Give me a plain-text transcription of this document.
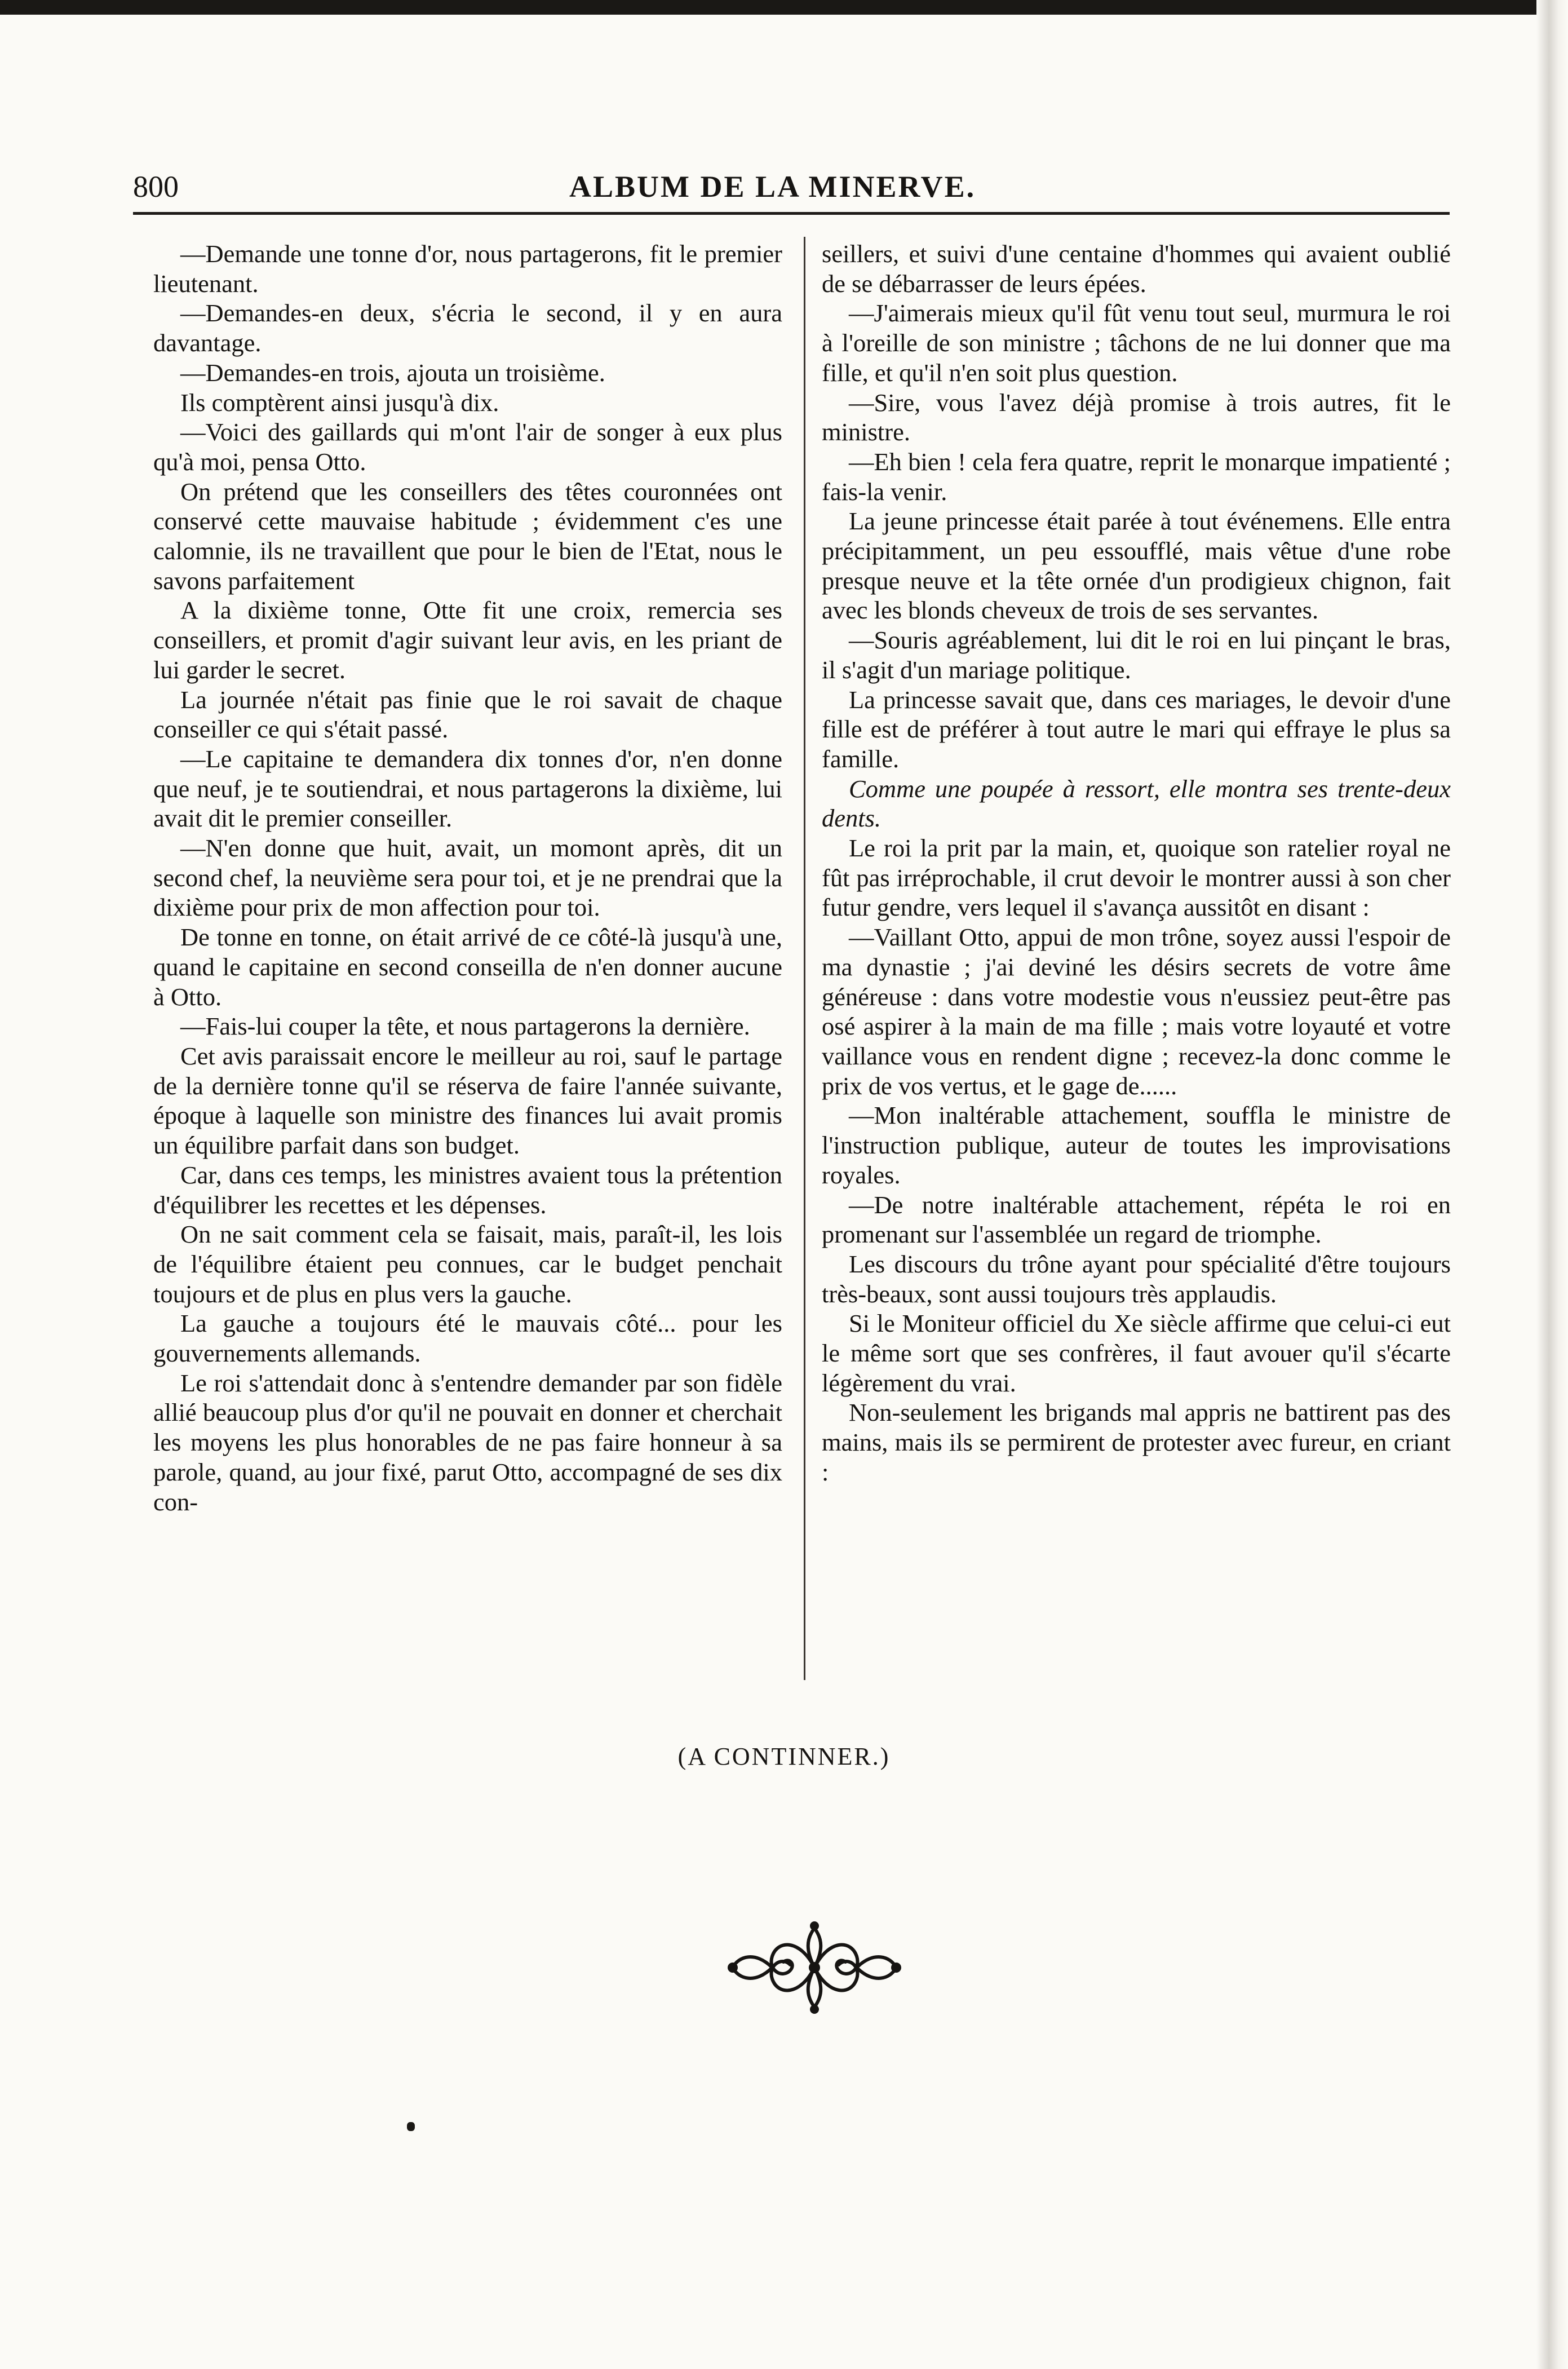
800	ALBUM DE LA MINERVE.

—Demande une tonne d'or, nous partagerons, fit le premier lieutenant.

—Demandes-en deux, s'écria le second, il y en aura davantage.

—Demandes-en trois, ajouta un troisième.

Ils comptèrent ainsi jusqu'à dix.

—Voici des gaillards qui m'ont l'air de songer à eux plus qu'à moi, pensa Otto.

On prétend que les conseillers des têtes couronnées ont conservé cette mauvaise habitude ; évidemment c'es une calomnie, ils ne travaillent que pour le bien de l'Etat, nous le savons parfaitement

A la dixième tonne, Otte fit une croix, remercia ses conseillers, et promit d'agir suivant leur avis, en les priant de lui garder le secret.

La journée n'était pas finie que le roi savait de chaque conseiller ce qui s'était passé.

—Le capitaine te demandera dix tonnes d'or, n'en donne que neuf, je te soutiendrai, et nous partagerons la dixième, lui avait dit le premier conseiller.

—N'en donne que huit, avait, un momont après, dit un second chef, la neuvième sera pour toi, et je ne prendrai que la dixième pour prix de mon affection pour toi.

De tonne en tonne, on était arrivé de ce côté-là jusqu'à une, quand le capitaine en second conseilla de n'en donner aucune à Otto.

—Fais-lui couper la tête, et nous partagerons la dernière.

Cet avis paraissait encore le meilleur au roi, sauf le partage de la dernière tonne qu'il se réserva de faire l'année suivante, époque à laquelle son ministre des finances lui avait promis un équilibre parfait dans son budget.

Car, dans ces temps, les ministres avaient tous la prétention d'équilibrer les recettes et les dépenses.

On ne sait comment cela se faisait, mais, paraît-il, les lois de l'équilibre étaient peu connues, car le budget penchait toujours et de plus en plus vers la gauche.

La gauche a toujours été le mauvais côté... pour les gouvernements allemands.

Le roi s'attendait donc à s'entendre demander par son fidèle allié beaucoup plus d'or qu'il ne pouvait en donner et cherchait les moyens les plus honorables de ne pas faire honneur à sa parole, quand, au jour fixé, parut Otto, accompagné de ses dix con-

seillers, et suivi d'une centaine d'hommes qui avaient oublié de se débarrasser de leurs épées.

—J'aimerais mieux qu'il fût venu tout seul, murmura le roi à l'oreille de son ministre ; tâchons de ne lui donner que ma fille, et qu'il n'en soit plus question.

—Sire, vous l'avez déjà promise à trois autres, fit le ministre.

—Eh bien ! cela fera quatre, reprit le monarque impatienté ; fais-la venir.

La jeune princesse était parée à tout événemens. Elle entra précipitamment, un peu essoufflé, mais vêtue d'une robe presque neuve et la tête ornée d'un prodigieux chignon, fait avec les blonds cheveux de trois de ses servantes.

—Souris agréablement, lui dit le roi en lui pinçant le bras, il s'agit d'un mariage politique.

La princesse savait que, dans ces mariages, le devoir d'une fille est de préférer à tout autre le mari qui effraye le plus sa famille.

Comme une poupée à ressort, elle montra ses trente-deux dents.

Le roi la prit par la main, et, quoique son ratelier royal ne fût pas irréprochable, il crut devoir le montrer aussi à son cher futur gendre, vers lequel il s'avança aussitôt en disant :

—Vaillant Otto, appui de mon trône, soyez aussi l'espoir de ma dynastie ; j'ai deviné les désirs secrets de votre âme généreuse : dans votre modestie vous n'eussiez peut-être pas osé aspirer à la main de ma fille ; mais votre loyauté et votre vaillance vous en rendent digne ; recevez-la donc comme le prix de vos vertus, et le gage de......

—Mon inaltérable attachement, souffla le ministre de l'instruction publique, auteur de toutes les improvisations royales.

—De notre inaltérable attachement, répéta le roi en promenant sur l'assemblée un regard de triomphe.

Les discours du trône ayant pour spécialité d'être toujours très-beaux, sont aussi toujours très applaudis.

Si le Moniteur officiel du Xe siècle affirme que celui-ci eut le même sort que ses confrères, il faut avouer qu'il s'écarte légèrement du vrai.

Non-seulement les brigands mal appris ne battirent pas des mains, mais ils se permirent de protester avec fureur, en criant :

(A CONTINNER.)
